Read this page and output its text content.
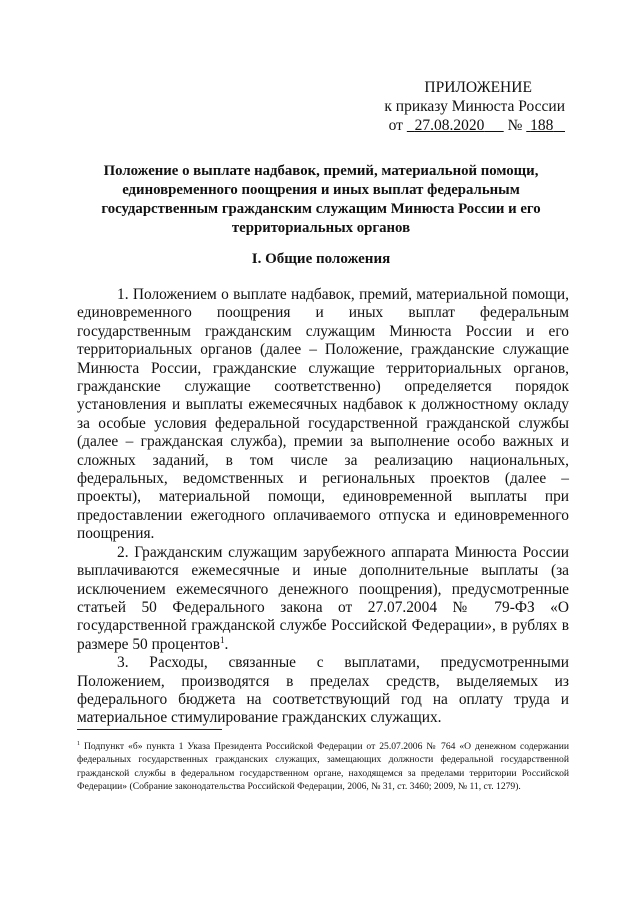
ПРИЛОЖЕНИЕ
к приказу Минюста России
от 27.08.2020 № 188
Положение о выплате надбавок, премий, материальной помощи, единовременного поощрения и иных выплат федеральным государственным гражданским служащим Минюста России и его территориальных органов
I. Общие положения

1. Положением о выплате надбавок, премий, материальной помощи, единовременного поощрения и иных выплат федеральным государственным гражданским служащим Минюста России и его территориальных органов (далее – Положение, гражданские служащие Минюста России, гражданские служащие территориальных органов, гражданские служащие соответственно) определяется порядок установления и выплаты ежемесячных надбавок к должностному окладу за особые условия федеральной государственной гражданской службы (далее – гражданская служба), премии за выполнение особо важных и сложных заданий, в том числе за реализацию национальных, федеральных, ведомственных и региональных проектов (далее – проекты), материальной помощи, единовременной выплаты при предоставлении ежегодного оплачиваемого отпуска и единовременного поощрения.

2. Гражданским служащим зарубежного аппарата Минюста России выплачиваются ежемесячные и иные дополнительные выплаты (за исключением ежемесячного денежного поощрения), предусмотренные статьей 50 Федерального закона от 27.07.2004 № 79-ФЗ «О государственной гражданской службе Российской Федерации», в рублях в размере 50 процентов$^1$.

3. Расходы, связанные с выплатами, предусмотренными Положением, производятся в пределах средств, выделяемых из федерального бюджета на соответствующий год на оплату труда и материальное стимулирование гражданских служащих.

$^1$ Подпункт «б» пункта 1 Указа Президента Российской Федерации от 25.07.2006 № 764 «О денежном содержании федеральных государственных гражданских служащих, замещающих должности федеральной государственной гражданской службы в федеральном государственном органе, находящемся за пределами территории Российской Федерации» (Собрание законодательства Российской Федерации, 2006, № 31, ст. 3460; 2009, № 11, ст. 1279).
